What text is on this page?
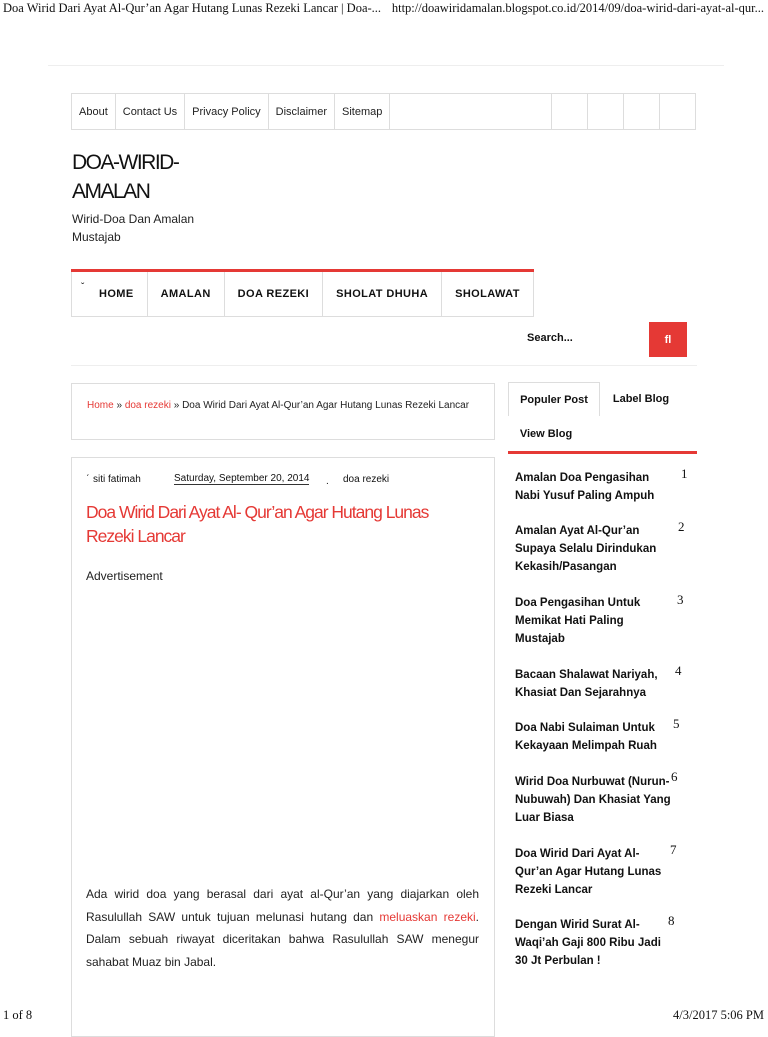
Doa Wirid Dari Ayat Al-Qur’an Agar Hutang Lunas Rezeki Lancar | Doa-... http://doawiridamalan.blogspot.co.id/2014/09/doa-wirid-dari-ayat-al-qur...
1 of 8	4/3/2017 5:06 PM
About	Contact Us	Privacy Policy	Disclaimer	Sitemap
DOA-WIRID-AMALAN
Wirid-Doa Dan Amalan Mustajab
HOME	AMALAN	DOA REZEKI	SHOLAT DHUHA	SHOLAWAT
ˇ
Search...	fl
Home » doa rezeki » Doa Wirid Dari Ayat Al-Qur’an Agar Hutang Lunas Rezeki Lancar
ˊ siti fatimah	Saturday, September 20, 2014 . doa rezeki
Doa Wirid Dari Ayat Al- Qur’an Agar Hutang Lunas Rezeki Lancar
Advertisement
Ada wirid doa yang berasal dari ayat al-Qur’an yang diajarkan oleh Rasulullah SAW untuk tujuan melunasi hutang dan meluaskan rezeki. Dalam sebuah riwayat diceritakan bahwa Rasulullah SAW menegur sahabat Muaz bin Jabal.
Populer Post	Label Blog
View Blog
Amalan Doa Pengasihan Nabi Yusuf Paling Ampuh
1
Amalan Ayat Al-Qur’an Supaya Selalu Dirindukan Kekasih/Pasangan
2
Doa Pengasihan Untuk Memikat Hati Paling Mustajab
3
Bacaan Shalawat Nariyah, Khasiat Dan Sejarahnya
4
Doa Nabi Sulaiman Untuk Kekayaan Melimpah Ruah
5
Wirid Doa Nurbuwat (Nurun-Nubuwah) Dan Khasiat Yang Luar Biasa
6
Doa Wirid Dari Ayat Al-Qur’an Agar Hutang Lunas Rezeki Lancar
7
Dengan Wirid Surat Al-Waqi’ah Gaji 800 Ribu Jadi 30 Jt Perbulan !
8
